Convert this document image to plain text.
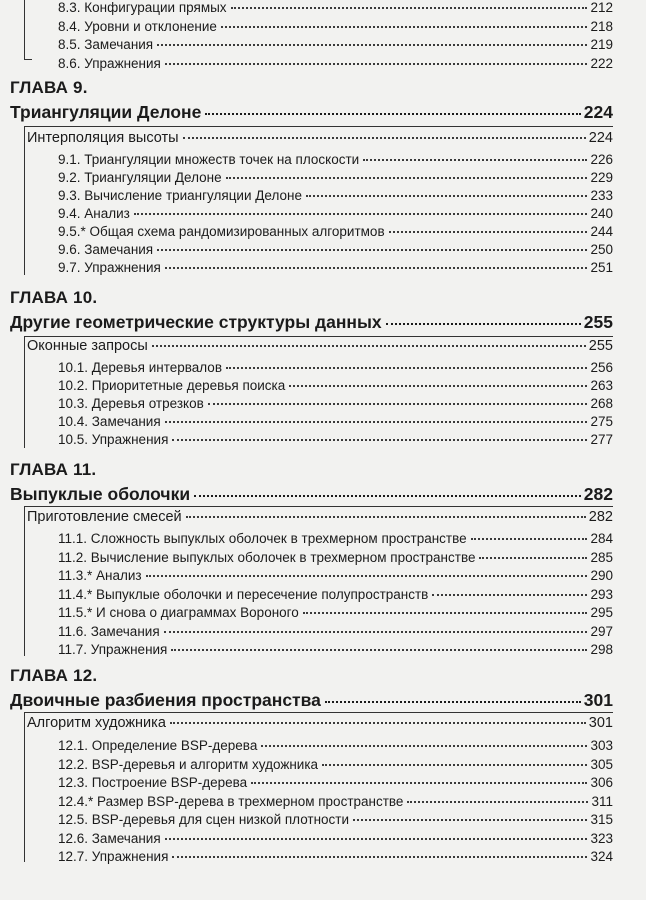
8.3. Конфигурации прямых	212
8.4. Уровни и отклонение	218
8.5. Замечания	219
8.6. Упражнения	222
ГЛАВА 9.
Триангуляции Делоне	224
Интерполяция высоты	224
9.1. Триангуляции множеств точек на плоскости	226
9.2. Триангуляции Делоне	229
9.3. Вычисление триангуляции Делоне	233
9.4. Анализ	240
9.5.* Общая схема рандомизированных алгоритмов	244
9.6. Замечания	250
9.7. Упражнения	251
ГЛАВА 10.
Другие геометрические структуры данных	255
Оконные запросы	255
10.1. Деревья интервалов	256
10.2. Приоритетные деревья поиска	263
10.3. Деревья отрезков	268
10.4. Замечания	275
10.5. Упражнения	277
ГЛАВА 11.
Выпуклые оболочки	282
Приготовление смесей	282
11.1. Сложность выпуклых оболочек в трехмерном пространстве	284
11.2. Вычисление выпуклых оболочек в трехмерном пространстве	285
11.3.* Анализ	290
11.4.* Выпуклые оболочки и пересечение полупространств	293
11.5.* И снова о диаграммах Вороного	295
11.6. Замечания	297
11.7. Упражнения	298
ГЛАВА 12.
Двоичные разбиения пространства	301
Алгоритм художника	301
12.1. Определение BSP-дерева	303
12.2. BSP-деревья и алгоритм художника	305
12.3. Построение BSP-дерева	306
12.4.* Размер BSP-дерева в трехмерном пространстве	311
12.5. BSP-деревья для сцен низкой плотности	315
12.6. Замечания	323
12.7. Упражнения	324
